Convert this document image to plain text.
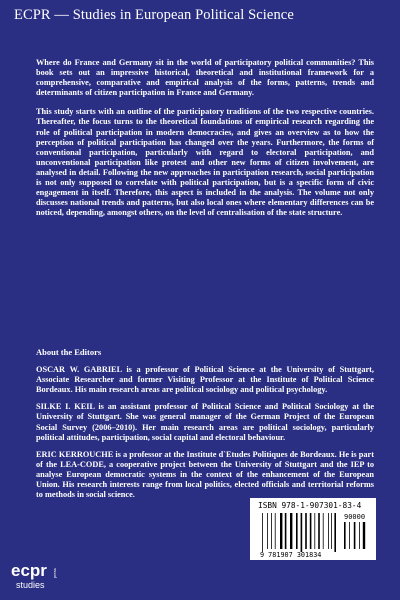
ECPR — Studies in European Political Science

Where do France and Germany sit in the world of participatory political communities? This book sets out an impressive historical, theoretical and institutional framework for a comprehensive, comparative and empirical analysis of the forms, patterns, trends and determinants of citizen participation in France and Germany.

This study starts with an outline of the participatory traditions of the two respective countries. Thereafter, the focus turns to the theoretical foundations of empirical research regarding the role of political participation in modern democracies, and gives an overview as to how the perception of political participation has changed over the years. Furthermore, the forms of conventional participation, particularly with regard to electoral participation, and unconventional participation like protest and other new forms of citizen involvement, are analysed in detail. Following the new approaches in participation research, social participation is not only supposed to correlate with political participation, but is a specific form of civic engagement in itself. Therefore, this aspect is included in the analysis. The volume not only discusses national trends and patterns, but also local ones where elementary differences can be noticed, depending, amongst others, on the level of centralisation of the state structure.

About the Editors

OSCAR W. GABRIEL is a professor of Political Science at the University of Stuttgart, Associate Researcher and former Visiting Professor at the Institute of Political Science Bordeaux. His main research areas are political sociology and political psychology.

SILKE I. KEIL is an assistant professor of Political Science and Political Sociology at the University of Stuttgart. She was general manager of the German Project of the European Social Survey (2006–2010). Her main research areas are political sociology, particularly political attitudes, participation, social capital and electoral behaviour.

ERIC KERROUCHE is a professor at the Institute d`Etudes Politiques de Bordeaux. He is part of the LEA-CODE, a cooperative project between the University of Stuttgart and the IEP to analyse European democratic systems in the context of the enhancement of the European Union. His research interests range from local politics, elected officials and territorial reforms to methods in social science.

ISBN 978-1-907301-83-4
9 781907 301834
90000
ecpr press
studies
